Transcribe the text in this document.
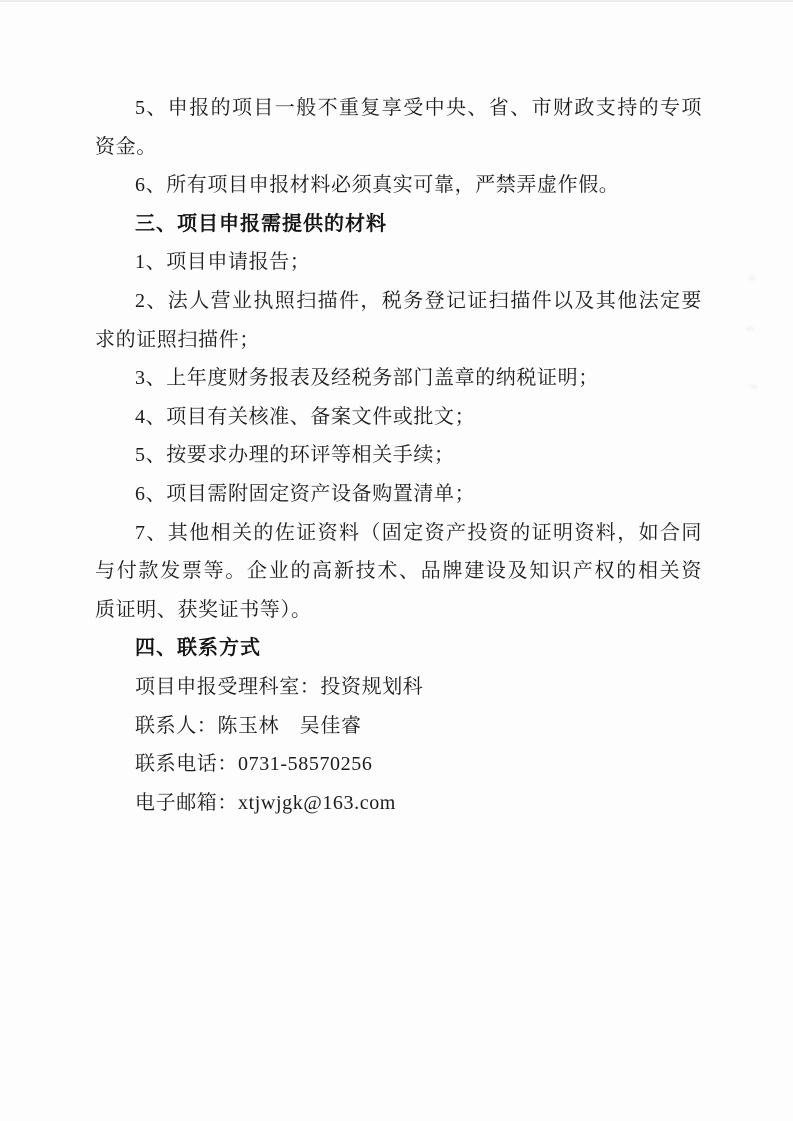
5、申报的项目一般不重复享受中央、省、市财政支持的专项
资金。
6、所有项目申报材料必须真实可靠，严禁弄虚作假。
三、项目申报需提供的材料
1、项目申请报告；
2、法人营业执照扫描件，税务登记证扫描件以及其他法定要
求的证照扫描件；
3、上年度财务报表及经税务部门盖章的纳税证明；
4、项目有关核准、备案文件或批文；
5、按要求办理的环评等相关手续；
6、项目需附固定资产设备购置清单；
7、其他相关的佐证资料（固定资产投资的证明资料，如合同
与付款发票等。企业的高新技术、品牌建设及知识产权的相关资
质证明、获奖证书等）。
四、联系方式
项目申报受理科室：投资规划科
联系人：陈玉林　吴佳睿
联系电话：0731-58570256
电子邮箱：xtjwjgk@163.com
